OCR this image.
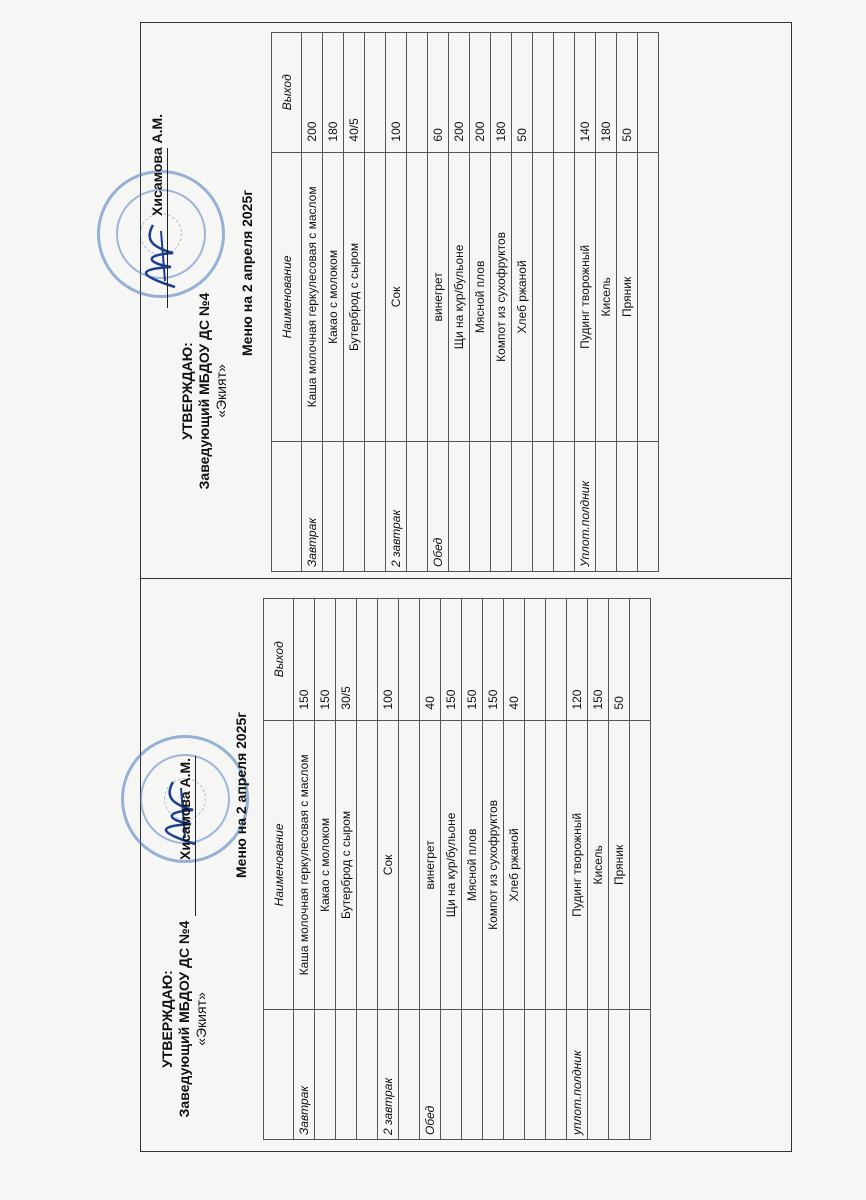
УТВЕРЖДАЮ: Заведующий МБДОУ ДС №4 «Экият»
Хисамова А.М.	Меню на 2 апреля 2025г
	Наименование	Выход
Завтрак	Каша молочная геркулесовая с маслом	150
	Какао с молоком	150
	Бутерброд с сыром	30/5

2 завтрак	Сок	100

Обед	винегрет	40
	Щи на кур/бульоне	150
	Мясной плов	150
	Компот из сухофруктов	150
	Хлеб ржаной	40

уплот.полдник	Пудинг творожный	120
	Кисель	150
	Пряник	50

УТВЕРЖДАЮ: Заведующий МБДОУ ДС №4 «Экият»
Хисамова А.М.
Меню на 2 апреля 2025г
	Наименование	Выход
Завтрак	Каша молочная геркулесовая с маслом	200
	Какао с молоком	180
	Бутерброд с сыром	40/5

2 завтрак	Сок	100

Обед	винегрет	60
	Щи на кур/бульоне	200
	Мясной плов	200
	Компот из сухофруктов	180
	Хлеб ржаной	50

Уплот.полдник	Пудинг творожный	140
	Кисель	180
	Пряник	50
